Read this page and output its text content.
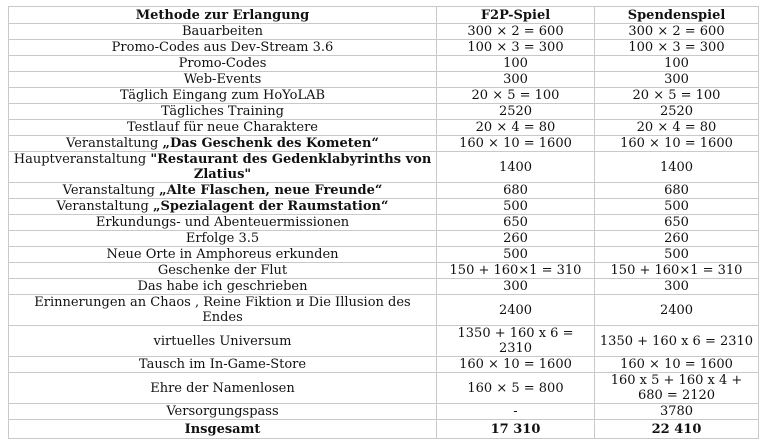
Methode zur Erlangung	F2P-Spiel	Spendenspiel
Bauarbeiten	300 × 2 = 600	300 × 2 = 600
Promo-Codes aus Dev-Stream 3.6	100 × 3 = 300	100 × 3 = 300
Promo-Codes	100	100
Web-Events	300	300
Täglich Eingang zum HoYoLAB	20 × 5 = 100	20 × 5 = 100
Tägliches Training	2520	2520
Testlauf für neue Charaktere	20 × 4 = 80	20 × 4 = 80
Veranstaltung „Das Geschenk des Kometen“	160 × 10 = 1600	160 × 10 = 1600
Hauptveranstaltung "Restaurant des Gedenklabyrinths von Zlatius"	1400	1400
Veranstaltung „Alte Flaschen, neue Freunde“	680	680
Veranstaltung „Spezialagent der Raumstation“	500	500
Erkundungs- und Abenteuermissionen	650	650
Erfolge 3.5	260	260
Neue Orte in Amphoreus erkunden	500	500
Geschenke der Flut	150 + 160×1 = 310	150 + 160×1 = 310
Das habe ich geschrieben	300	300
Erinnerungen an Chaos , Reine Fiktion и Die Illusion des Endes	2400	2400
virtuelles Universum	1350 + 160 x 6 = 2310	1350 + 160 x 6 = 2310
Tausch im In-Game-Store	160 × 10 = 1600	160 × 10 = 1600
Ehre der Namenlosen	160 × 5 = 800	160 x 5 + 160 x 4 + 680 = 2120
Versorgungspass	-	3780
Insgesamt	17 310	22 410
